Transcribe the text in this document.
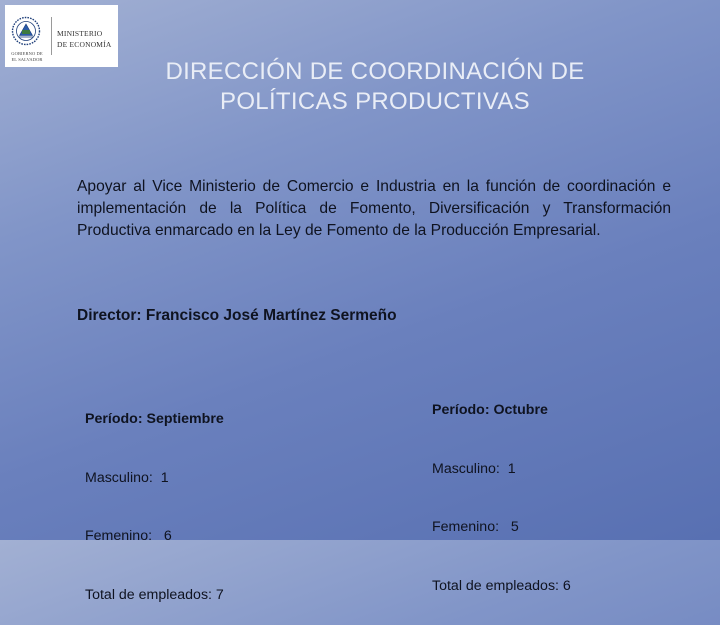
GOBIERNO DE
EL SALVADOR
MINISTERIO
DE ECONOMÍA
DIRECCIÓN DE COORDINACIÓN DE
POLÍTICAS PRODUCTIVAS
Apoyar al Vice Ministerio de Comercio e Industria en la función de coordinación e implementación de la Política de Fomento, Diversificación y Transformación Productiva enmarcado en la Ley de Fomento de la Producción Empresarial.
Director: Francisco José Martínez Sermeño

Período: Septiembre

Masculino:  1

Femenino:   6

Total de empleados: 7

Período: Octubre

Masculino:  1

Femenino:   5

Total de empleados: 6
